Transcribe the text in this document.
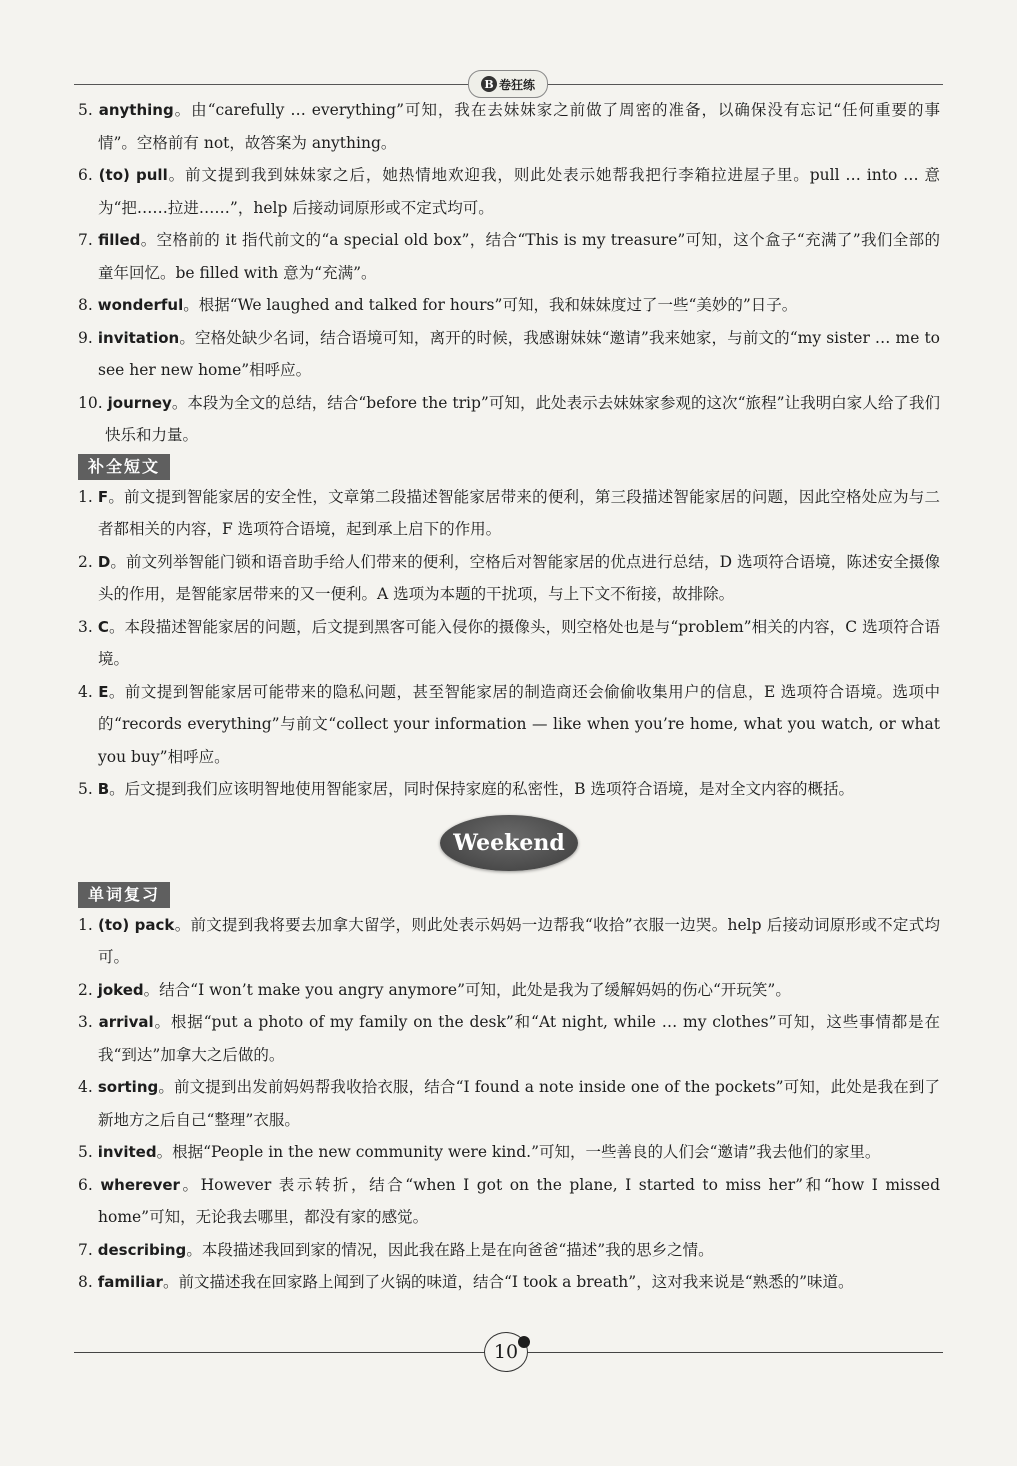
B 卷狂练
5. anything。由“carefully … everything”可知，我在去妹妹家之前做了周密的准备，以确保没有忘记“任何重要的事情”。空格前有 not，故答案为 anything。
6. (to) pull。前文提到我到妹妹家之后，她热情地欢迎我，则此处表示她帮我把行李箱拉进屋子里。pull … into … 意为“把……拉进……”，help 后接动词原形或不定式均可。
7. filled。空格前的 it 指代前文的“a special old box”，结合“This is my treasure”可知，这个盒子“充满了”我们全部的童年回忆。be filled with 意为“充满”。
8. wonderful。根据“We laughed and talked for hours”可知，我和妹妹度过了一些“美妙的”日子。
9. invitation。空格处缺少名词，结合语境可知，离开的时候，我感谢妹妹“邀请”我来她家，与前文的“my sister … me to see her new home”相呼应。
10. journey。本段为全文的总结，结合“before the trip”可知，此处表示去妹妹家参观的这次“旅程”让我明白家人给了我们快乐和力量。
补全短文
1. F。前文提到智能家居的安全性，文章第二段描述智能家居带来的便利，第三段描述智能家居的问题，因此空格处应为与二者都相关的内容，F 选项符合语境，起到承上启下的作用。
2. D。前文列举智能门锁和语音助手给人们带来的便利，空格后对智能家居的优点进行总结，D 选项符合语境，陈述安全摄像头的作用，是智能家居带来的又一便利。A 选项为本题的干扰项，与上下文不衔接，故排除。
3. C。本段描述智能家居的问题，后文提到黑客可能入侵你的摄像头，则空格处也是与“problem”相关的内容，C 选项符合语境。
4. E。前文提到智能家居可能带来的隐私问题，甚至智能家居的制造商还会偷偷收集用户的信息，E 选项符合语境。选项中的“records everything”与前文“collect your information — like when you’re home, what you watch, or what you buy”相呼应。
5. B。后文提到我们应该明智地使用智能家居，同时保持家庭的私密性，B 选项符合语境，是对全文内容的概括。
Weekend
单词复习
1. (to) pack。前文提到我将要去加拿大留学，则此处表示妈妈一边帮我“收拾”衣服一边哭。help 后接动词原形或不定式均可。
2. joked。结合“I won’t make you angry anymore”可知，此处是我为了缓解妈妈的伤心“开玩笑”。
3. arrival。根据“put a photo of my family on the desk”和“At night, while … my clothes”可知，这些事情都是在我“到达”加拿大之后做的。
4. sorting。前文提到出发前妈妈帮我收拾衣服，结合“I found a note inside one of the pockets”可知，此处是我在到了新地方之后自己“整理”衣服。
5. invited。根据“People in the new community were kind.”可知，一些善良的人们会“邀请”我去他们的家里。
6. wherever。However 表示转折，结合“when I got on the plane, I started to miss her”和“how I missed home”可知，无论我去哪里，都没有家的感觉。
7. describing。本段描述我回到家的情况，因此我在路上是在向爸爸“描述”我的思乡之情。
8. familiar。前文描述我在回家路上闻到了火锅的味道，结合“I took a breath”，这对我来说是“熟悉的”味道。
10
